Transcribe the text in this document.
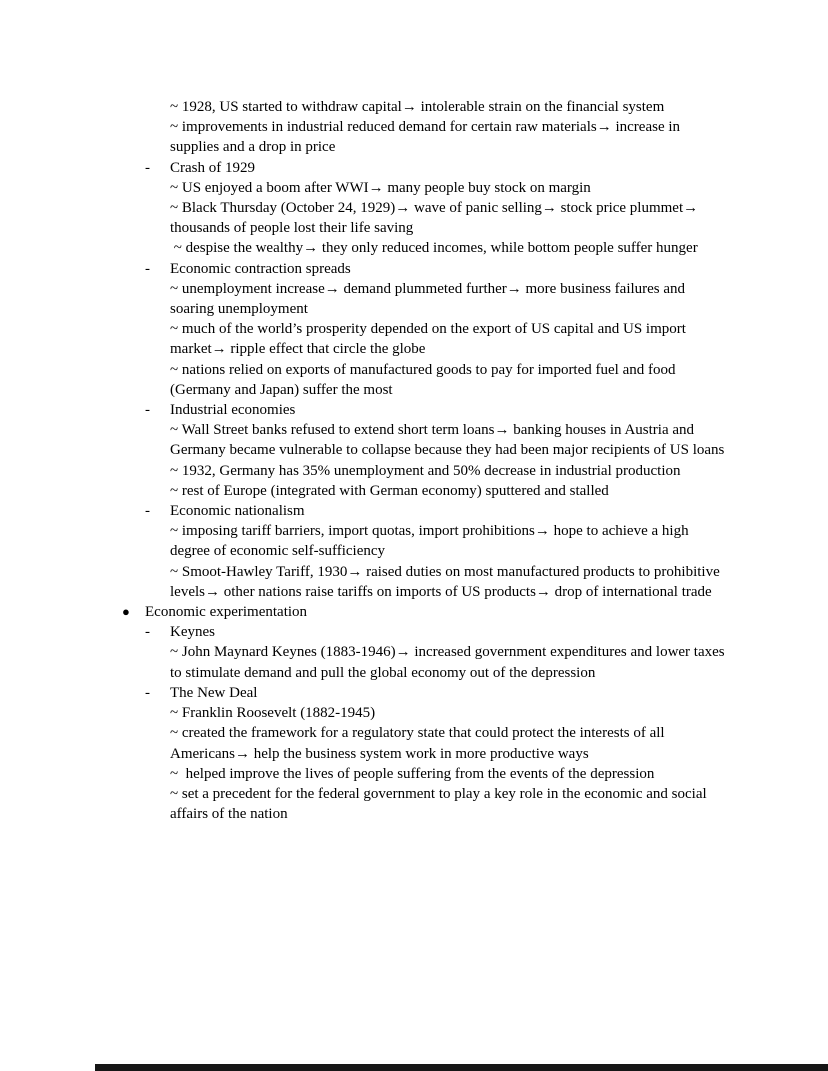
~ 1928, US started to withdraw capital→ intolerable strain on the financial system
~ improvements in industrial reduced demand for certain raw materials→ increase in supplies and a drop in price
-	Crash of 1929
~ US enjoyed a boom after WWI→ many people buy stock on margin
~ Black Thursday (October 24, 1929)→ wave of panic selling→ stock price plummet→ thousands of people lost their life saving
~ despise the wealthy→ they only reduced incomes, while bottom people suffer hunger
-	Economic contraction spreads
~ unemployment increase→ demand plummeted further→ more business failures and soaring unemployment
~ much of the world’s prosperity depended on the export of US capital and US import market→ ripple effect that circle the globe
~ nations relied on exports of manufactured goods to pay for imported fuel and food (Germany and Japan) suffer the most
-	Industrial economies
~ Wall Street banks refused to extend short term loans→ banking houses in Austria and Germany became vulnerable to collapse because they had been major recipients of US loans
~ 1932, Germany has 35% unemployment and 50% decrease in industrial production
~ rest of Europe (integrated with German economy) sputtered and stalled
-	Economic nationalism
~ imposing tariff barriers, import quotas, import prohibitions→ hope to achieve a high degree of economic self-sufficiency
~ Smoot-Hawley Tariff, 1930→ raised duties on most manufactured products to prohibitive levels→ other nations raise tariffs on imports of US products→ drop of international trade
●	Economic experimentation
-	Keynes
~ John Maynard Keynes (1883-1946)→ increased government expenditures and lower taxes to stimulate demand and pull the global economy out of the depression
-	The New Deal
~ Franklin Roosevelt (1882-1945)
~ created the framework for a regulatory state that could protect the interests of all Americans→ help the business system work in more productive ways
~  helped improve the lives of people suffering from the events of the depression
~ set a precedent for the federal government to play a key role in the economic and social affairs of the nation
